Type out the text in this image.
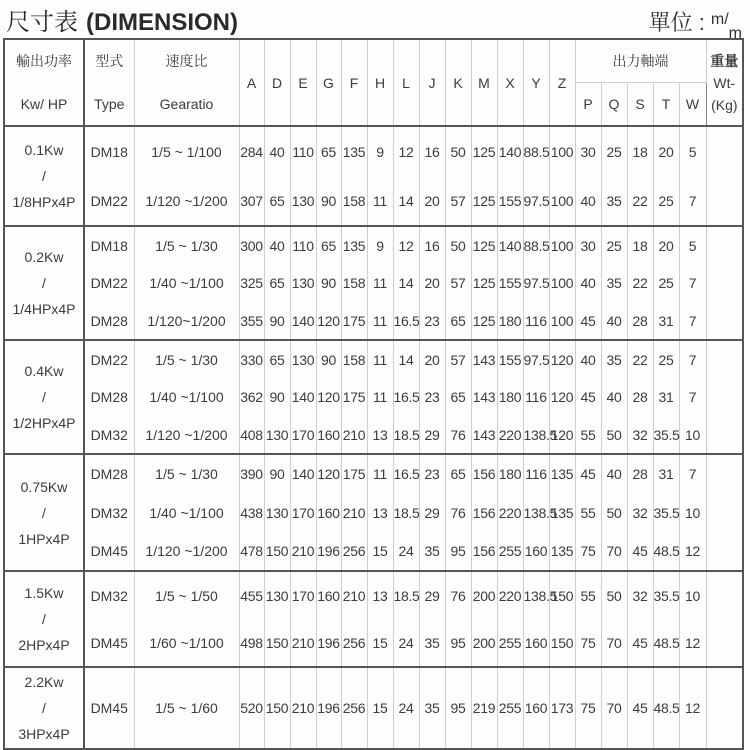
尺寸表 (DIMENSION)	單位 : $^{m/_m}$
輸出功率	型式	速度比	A	D	E	G	F	H	L	J	K	M	X	Y	Z	出力軸端					重量
Wt-
(Kg)
Kw/ HP	Type	Gearatio														P	Q	S	T	W	
0.1Kw
/
1/8HPx4P	DM18	1/5 ~ 1/100	284	40	110	65	135	9	12	16	50	125	140	88.5	100	30	25	18	20	5	
	DM22	1/120 ~1/200	307	65	130	90	158	11	14	20	57	125	155	97.5	100	40	35	22	25	7	
0.2Kw
/
1/4HPx4P	DM18	1/5 ~ 1/30	300	40	110	65	135	9	12	16	50	125	140	88.5	100	30	25	18	20	5	
	DM22	1/40 ~1/100	325	65	130	90	158	11	14	20	57	125	155	97.5	100	40	35	22	25	7	
	DM28	1/120~1/200	355	90	140	120	175	11	16.5	23	65	125	180	116	100	45	40	28	31	7	
0.4Kw
/
1/2HPx4P	DM22	1/5 ~ 1/30	330	65	130	90	158	11	14	20	57	143	155	97.5	120	40	35	22	25	7	
	DM28	1/40 ~1/100	362	90	140	120	175	11	16.5	23	65	143	180	116	120	45	40	28	31	7	
	DM32	1/120 ~1/200	408	130	170	160	210	13	18.5	29	76	143	220	138.5	120	55	50	32	35.5	10	
0.75Kw
/
1HPx4P	DM28	1/5 ~ 1/30	390	90	140	120	175	11	16.5	23	65	156	180	116	135	45	40	28	31	7	
	DM32	1/40 ~1/100	438	130	170	160	210	13	18.5	29	76	156	220	138.5	135	55	50	32	35.5	10	
	DM45	1/120 ~1/200	478	150	210	196	256	15	24	35	95	156	255	160	135	75	70	45	48.5	12	
1.5Kw
/
2HPx4P	DM32	1/5 ~ 1/50	455	130	170	160	210	13	18.5	29	76	200	220	138.5	150	55	50	32	35.5	10	
	DM45	1/60 ~1/100	498	150	210	196	256	15	24	35	95	200	255	160	150	75	70	45	48.5	12	
2.2Kw
/
3HPx4P	DM45	1/5 ~ 1/60	520	150	210	196	256	15	24	35	95	219	255	160	173	75	70	45	48.5	12	
